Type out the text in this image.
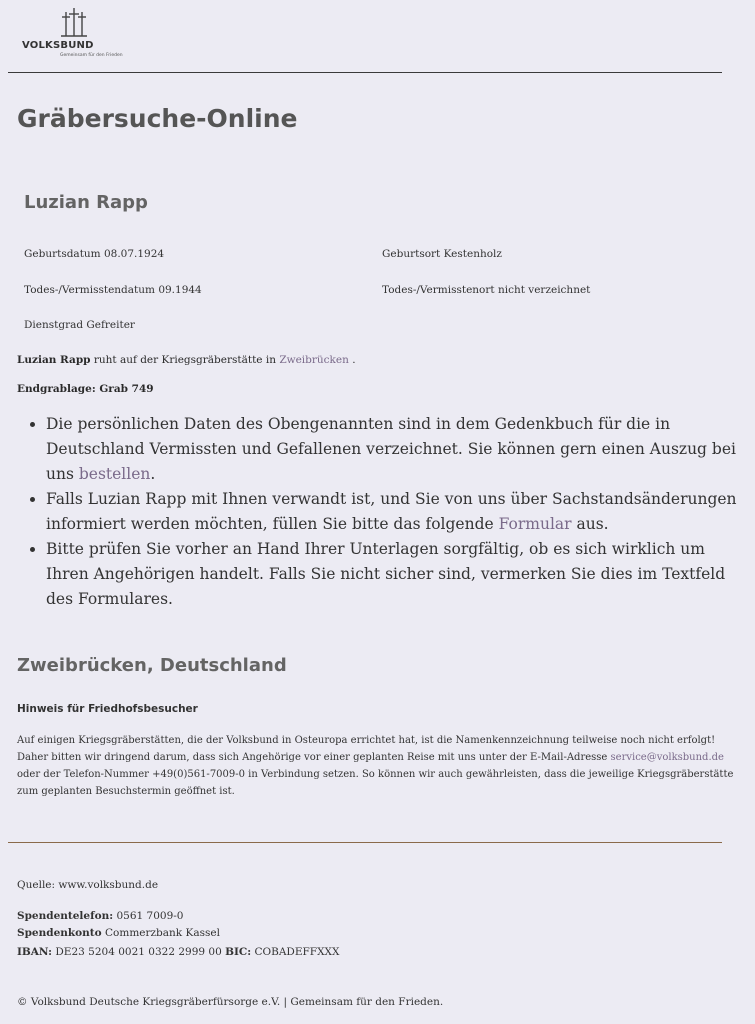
VOLKSBUND
Gemeinsam für den Frieden
Gräbersuche-Online
Luzian Rapp
Geburtsdatum 08.07.1924	Geburtsort Kestenholz
Todes-/Vermisstendatum 09.1944	Todes-/Vermisstenort nicht verzeichnet
Dienstgrad Gefreiter
Luzian Rapp ruht auf der Kriegsgräberstätte in Zweibrücken .
Endgrablage: Grab 749
• Die persönlichen Daten des Obengenannten sind in dem Gedenkbuch für die in Deutschland Vermissten und Gefallenen verzeichnet. Sie können gern einen Auszug bei uns bestellen.
• Falls Luzian Rapp mit Ihnen verwandt ist, und Sie von uns über Sachstandsänderungen informiert werden möchten, füllen Sie bitte das folgende Formular aus.
• Bitte prüfen Sie vorher an Hand Ihrer Unterlagen sorgfältig, ob es sich wirklich um Ihren Angehörigen handelt. Falls Sie nicht sicher sind, vermerken Sie dies im Textfeld des Formulares.
Zweibrücken, Deutschland
Hinweis für Friedhofsbesucher
Auf einigen Kriegsgräberstätten, die der Volksbund in Osteuropa errichtet hat, ist die Namenkennzeichnung teilweise noch nicht erfolgt! Daher bitten wir dringend darum, dass sich Angehörige vor einer geplanten Reise mit uns unter der E-Mail-Adresse service@volksbund.de oder der Telefon-Nummer +49(0)561-7009-0 in Verbindung setzen. So können wir auch gewährleisten, dass die jeweilige Kriegsgräberstätte zum geplanten Besuchstermin geöffnet ist.
Quelle: www.volksbund.de
Spendentelefon: 0561 7009-0
Spendenkonto Commerzbank Kassel
IBAN: DE23 5204 0021 0322 2999 00 BIC: COBADEFFXXX
© Volksbund Deutsche Kriegsgräberfürsorge e.V. | Gemeinsam für den Frieden.
